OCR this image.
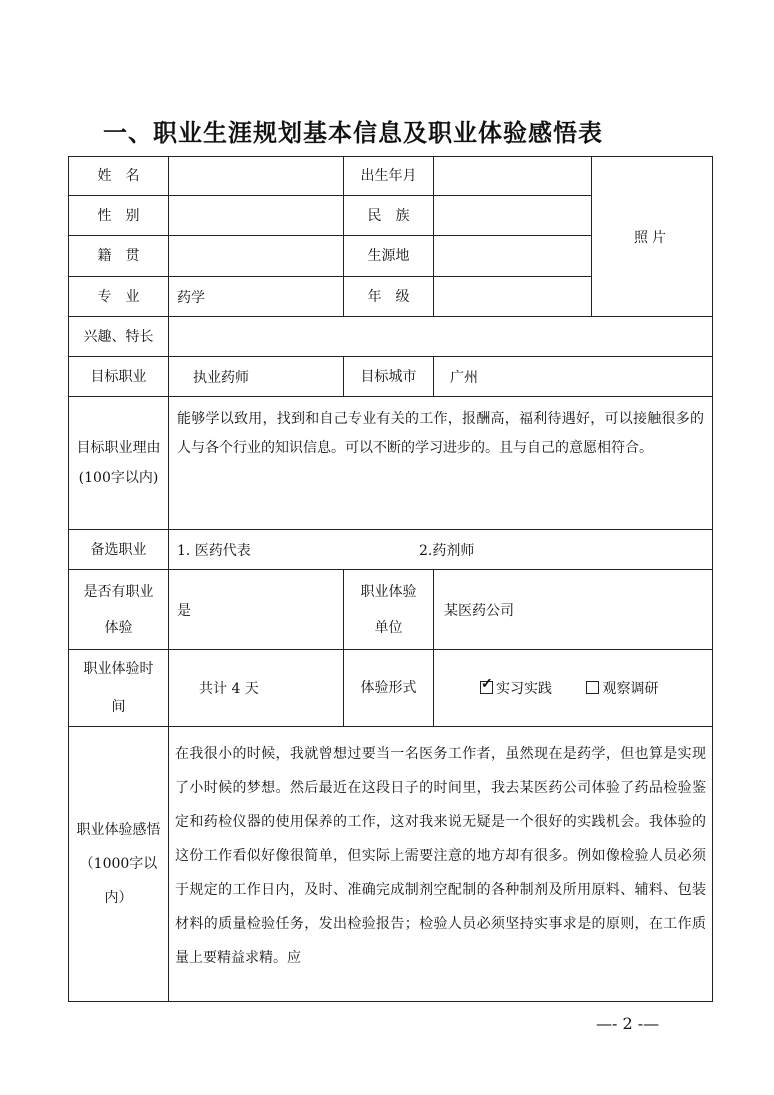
一、职业生涯规划基本信息及职业体验感悟表
姓名		出生年月		照片
性别		民族		
籍贯		生源地		
专业	药学	年级		
兴趣、特长				
目标职业	执业药师	目标城市	广州	
目标职业理由(100字以内)	能够学以致用，找到和自己专业有关的工作，报酬高，福利待遇好，可以接触很多的人与各个行业的知识信息。可以不断的学习进步的。且与自己的意愿相符合。			
备选职业	1. 医药代表 2.药剂师			
是否有职业体验	是	职业体验单位	某医药公司	
职业体验时间	共计 4 天	体验形式	✓实习实践 观察调研
职业体验感悟（1000字以内）	在我很小的时候，我就曾想过要当一名医务工作者，虽然现在是药学，但也算是实现了小时候的梦想。然后最近在这段日子的时间里，我去某医药公司体验了药品检验鉴定和药检仪器的使用保养的工作，这对我来说无疑是一个很好的实践机会。我体验的这份工作看似好像很简单，但实际上需要注意的地方却有很多。例如像检验人员必须于规定的工作日内，及时、准确完成制剂空配制的各种制剂及所用原料、辅料、包装材料的质量检验任务，发出检验报告；检验人员必须坚持实事求是的原则，在工作质量上要精益求精。应			
—- 2 -—
